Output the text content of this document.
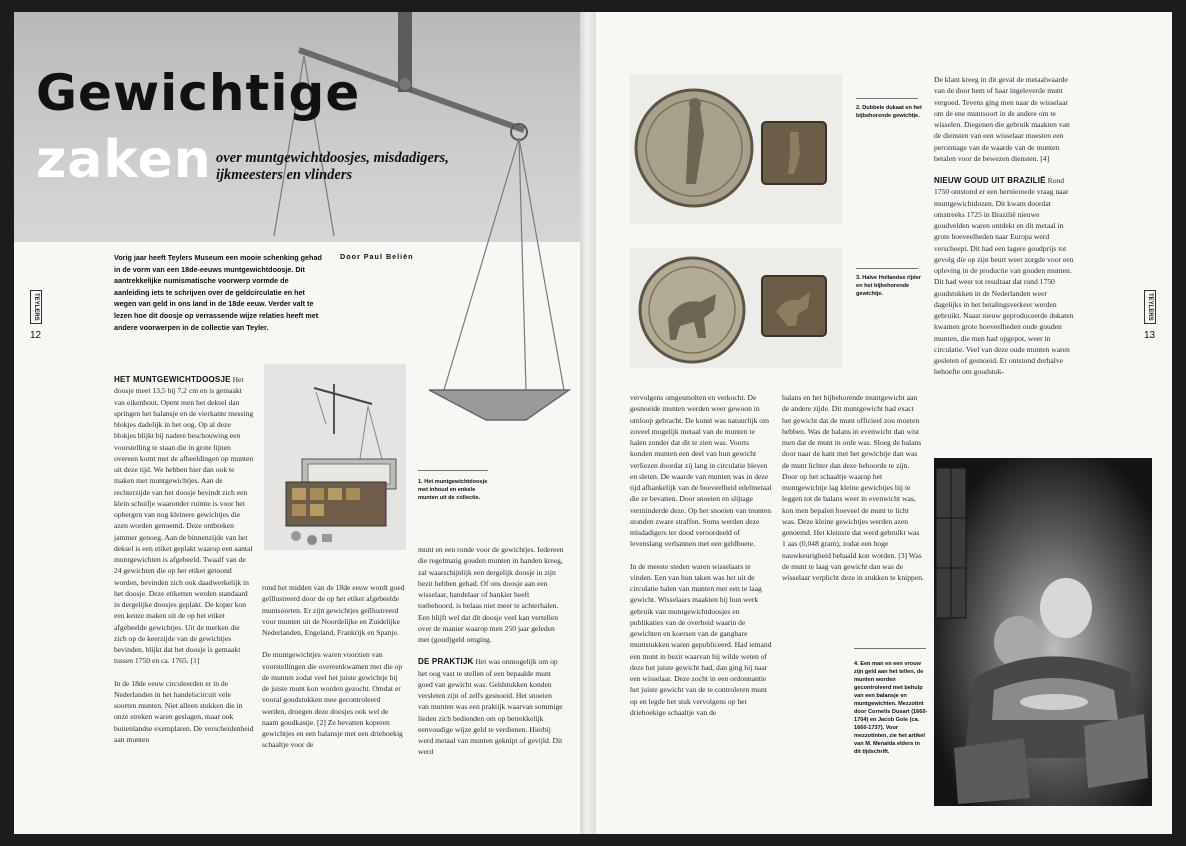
Gewichtige
zaken over muntgewichtdoosjes, misdadigers, ijkmeesters en vlinders
Vorig jaar heeft Teylers Museum een mooie schenking gehad in de vorm van een 18de-eeuws muntgewichtdoosje. Dit aantrekkelijke numismatische voorwerp vormde de aanleiding iets te schrijven over de geldcirculatie en het wegen van geld in ons land in de 18de eeuw. Verder valt te lezen hoe dit doosje op verrassende wijze relaties heeft met andere voorwerpen in de collectie van Teyler.
Door Paul Beliën
TEYLERS
12
1. Het muntgewichtdoosje met inhoud en enkele munten uit de collectie.

HET MUNTGEWICHTDOOSJE Het doosje meet 13,5 bij 7,2 cm en is gemaakt van eikenhout. Opent men het deksel dan springen het balansje en de vierkante messing blokjes dadelijk in het oog. Op al deze blokjes blijkt bij nadere beschouwing een voorstelling te staan die in grote lijnen overeen komt met de afbeeldingen op munten uit deze tijd. We hebben hier dan ook te maken met muntgewichtjes. Aan de rechterzijde van het doosje bevindt zich een klein schuifje waaronder ruimte is voor het opbergen van nog kleinere gewichtjes die azen worden genoemd. Deze ontbreken jammer genoeg. Aan de binnenzijde van het deksel is een etiket geplakt waarop een aantal muntgewichten is afgebeeld. Twaalf van de 24 gewichten die op het etiket getoond worden, bevinden zich ook daadwerkelijk in het doosje. Deze etiketten werden standaard in dergelijke doosjes geplakt. De koper kon een keuze maken uit de op het etiket afgebeelde gewichtjes. Uit de merken die zich op de keerzijde van de gewichtjes bevinden, blijkt dat het doosje is gemaakt tussen 1750 en ca. 1765. [1]

In de 18de eeuw circuleerden er in de Nederlanden in het handelscircuit vele soorten munten. Niet alleen stukken die in onze streken waren geslagen, maar ook buitenlandse exemplaren. De verscheidenheid aan munten

rond het midden van de 18de eeuw wordt goed geïllustreerd door de op het etiket afgebeelde muntsoorten. Er zijn gewichtjes geïllustreerd voor munten uit de Noordelijke en Zuidelijke Nederlanden, Engeland, Frankrijk en Spanje.

De muntgewichtjes waren voorzien van voorstellingen die overeenkwamen met die op de munten zodat veel het juiste gewichtje bij de juiste munt kon worden gezocht. Omdat er vooral goudstukken mee gecontroleerd werden, droegen deze doosjes ook wel de naam goudkastje. [2] Ze bevatten koperen gewichtjes en een balansje met een driehoekig schaaltje voor de

munt en een ronde voor de gewichtjes. Iedereen die regelmatig gouden munten in handen kreeg, zal waarschijnlijk een dergelijk doosje in zijn bezit hebben gehad. Of ons doosje aan een wisselaar, handelaar of bankier heeft toebehoord, is helaas niet meer te achterhalen. Een blijft wel dat dit doosje veel kan vertellen over de manier waarop men 250 jaar geleden met (goud)geld omging.

DE PRAKTIJK Het was onmogelijk om op het oog vast te stellen of een bepaalde munt goed van gewicht was. Geldstukken konden versleten zijn of zelfs gesnoeid. Het snoeien van munten was een praktijk waarvan sommige lieden zich bedienden om op betrekkelijk eenvoudige wijze geld te verdienen. Hierbij werd metaal van munten geknipt of gevijld. Dit werd

2. Dubbele dukaat en het bijbehorende gewichtje.
3. Halve Hollandse rijder en het bijbehorende gewichtje.

vervolgens omgesmolten en verkocht. De gesnoeide munten werden weer gewoon in omloop gebracht. De kunst was natuurlijk om zoveel mogelijk metaal van de munten te halen zonder dat dit te zien was. Voorts konden munten een deel van hun gewicht verliezen doordat zij lang in circulatie bleven en sleten. De waarde van munten was in deze tijd afhankelijk van de hoeveelheid edelmetaal die ze bevatten. Door snoeien en slijtage verminderde deze. Op het snoeien van munten stonden zware straffen. Soms werden deze misdadigers ter dood veroordeeld of levenslang verbannen met een geldboete.

In de meeste steden waren wisselaars te vinden. Een van hun taken was het uit de circulatie halen van munten met een te laag gewicht. Wisselaars maakten bij hun werk gebruik van muntgewichtdoosjes en publikaties van de overheid waarin de gewichten en koersen van de gangbare muntstukken waren gepubliceerd. Had iemand een munt in bezit waarvan hij wilde weten of deze het juiste gewicht had, dan ging hij naar een wisselaar. Deze zocht in een ordonnantie het juiste gewicht van de te controleren munt op en legde het stuk vervolgens op het driehoekige schaaltje van de

balans en het bijbehorende muntgewicht aan de andere zijde. Dit muntgewicht had exact het gewicht dat de munt officieel zou moeten hebben. Was de balans in evenwicht dan wist men dat de munt in orde was. Sloeg de balans door naar de kant met het gewichtje dan was de munt lichter dan deze behoorde te zijn. Door op het schaaltje waarop het muntgewichtje lag kleine gewichtjes bij te leggen tot de balans weer in evenwicht was, kon men bepalen hoeveel de munt te licht was. Deze kleine gewichtjes werden azen genoemd. Het kleinste dat werd gebruikt was 1 aas (0,048 gram), zodat een hoge nauwkeurigheid behaald kon worden. [3] Was de munt te laag van gewicht dan was de wisselaar verplicht deze in stukken te knippen.

De klant kreeg in dit geval de metaalwaarde van de door hem of haar ingeleverde munt vergoed. Tevens ging men naar de wisselaar om de ene muntsoort in de andere om te wisselen. Diegenen die gebruik maakten van de diensten van een wisselaar moesten een percentage van de waarde van de munten betalen voor de bewezen diensten. [4]

NIEUW GOUD UIT BRAZILIË Rond 1750 ontstond er een hernieuwde vraag naar muntgewichtdozen. Dit kwam doordat omstreeks 1725 in Brazilië nieuwe goudvelden waren ontdekt en dit metaal in grote hoeveelheden naar Europa werd verscheept. Dit had een lagere goudprijs tot gevolg die op zijn beurt weer zorgde voor een opleving in de productie van gouden munten. Dit had weer tot resultaat dat rond 1750 goudstukken in de Nederlanden weer dagelijks in het betalingsverkeer werden gebruikt. Naast nieuw geproduceerde dukaten kwamen grote hoeveelheden oude gouden munten, die men had opgepot, weer in circulatie. Veel van deze oude munten waren gesleten of gesnoeid. Er ontstond derhalve behoefte om goudstuk-

TEYLERS
13
4. Een man en een vrouw zijn geld aan het tellen, de munten worden gecontroleerd met behulp van een balansje en muntgewichten. Mezzotint door Cornelis Dusart (1660-1704) en Jacob Gole (ca. 1660-1737). Voor mezzotinten, zie het artikel van M. Menalda elders in dit tijdschrift.
